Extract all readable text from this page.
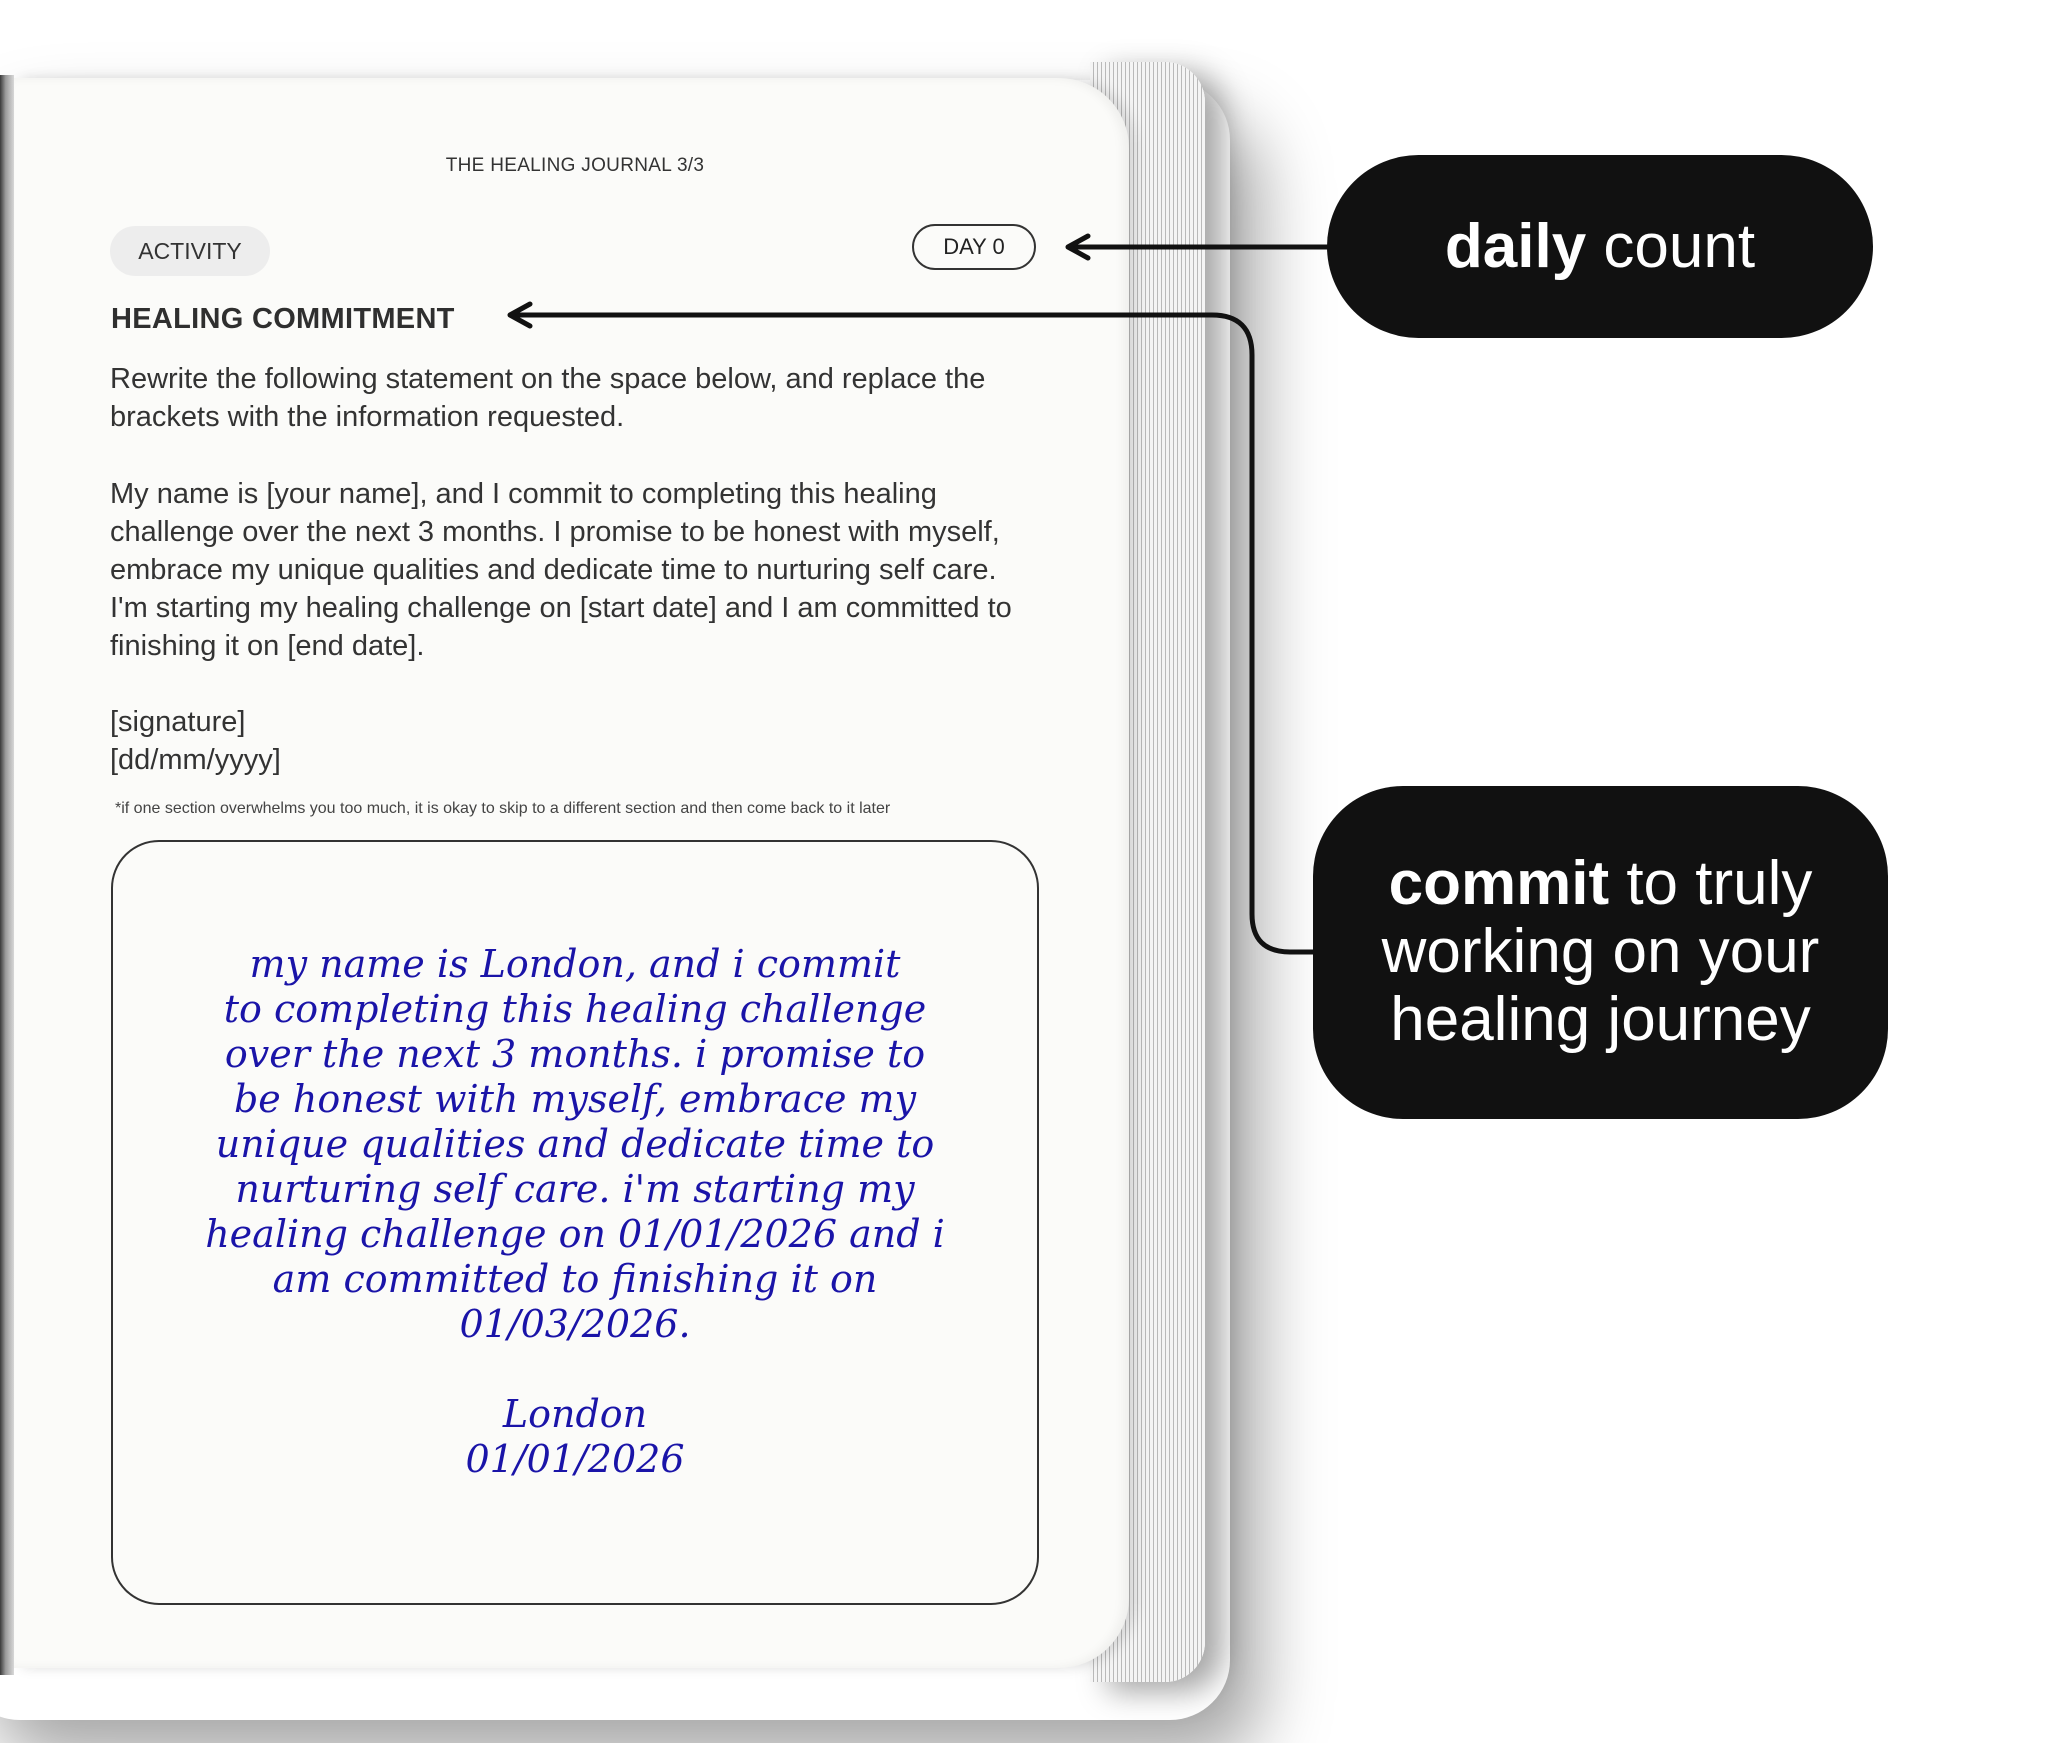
THE HEALING JOURNAL 3/3
ACTIVITY	DAY 0
HEALING COMMITMENT

Rewrite the following statement on the space below, and replace the

brackets with the information requested.

My name is [your name], and I commit to completing this healing

challenge over the next 3 months. I promise to be honest with myself,

embrace my unique qualities and dedicate time to nurturing self care.

I'm starting my healing challenge on [start date] and I am committed to

finishing it on [end date].

[signature]

[dd/mm/yyyy]

*if one section overwhelms you too much, it is okay to skip to a different section and then come back to it later

my name is London, and i commit

to completing this healing challenge

over the next 3 months. i promise to

be honest with myself, embrace my

unique qualities and dedicate time to

nurturing self care. i'm starting my

healing challenge on 01/01/2026 and i

am committed to finishing it on

01/03/2026.

London

01/01/2026

daily count
commit to truly
working on your
healing journey
